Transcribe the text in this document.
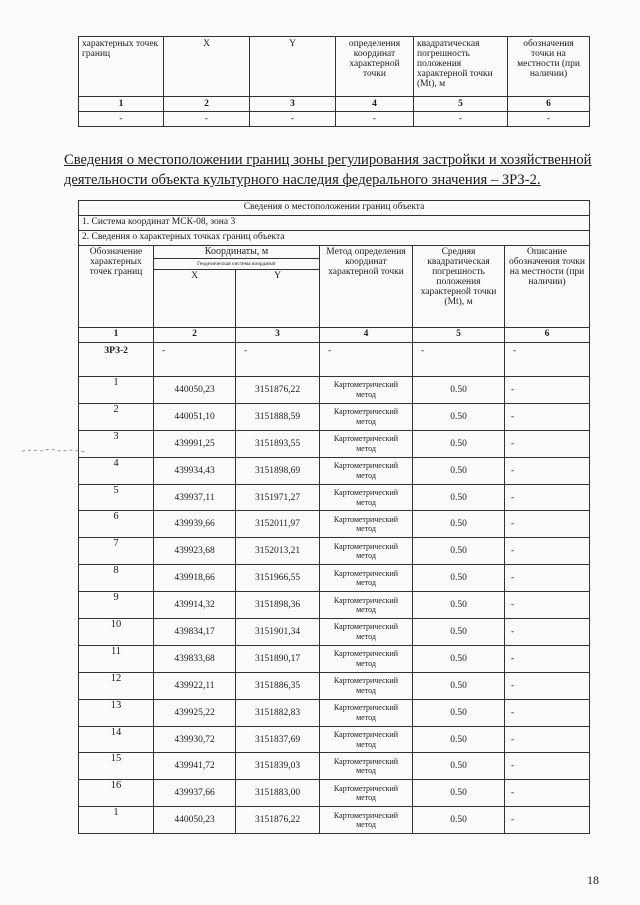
характерных точек границ	X	Y	определения координат характерной точки	квадратическая погрешность положения характерной точки (Mt), м	обозначения точки на местности (при наличии)
1	2	3	4	5	6
-	-	-	-	-	-
Сведения о местоположении границ зоны регулирования застройки и хозяйственной деятельности объекта культурного наследия федерального значения – ЗРЗ-2.
Сведения о местоположении границ объекта					
1. Система координат МСК-08, зона 3					
2. Сведения о характерных точках границ объекта					
Обозначение характерных точек границ	Координаты, м		Метод определения координат характерной точки	Средняя квадратическая погрешность положения характерной точки (Mt), м	Описание обозначения точки на местности (при наличии)
	Геодезическая система координат				
	X	Y			
1	2	3	4	5	6
ЗРЗ-2	-	-	-	-	-
1	440050,23	3151876,22	Картометрический метод	0.50	-
2	440051,10	3151888,59	Картометрический метод	0.50	-
3	439991,25	3151893,55	Картометрический метод	0.50	-
4	439934,43	3151898,69	Картометрический метод	0.50	-
5	439937,11	3151971,27	Картометрический метод	0.50	-
6	439939,66	3152011,97	Картометрический метод	0.50	-
7	439923,68	3152013,21	Картометрический метод	0.50	-
8	439918,66	3151966,55	Картометрический метод	0.50	-
9	439914,32	3151898,36	Картометрический метод	0.50	-
10	439834,17	3151901,34	Картометрический метод	0.50	-
11	439833,68	3151890,17	Картометрический метод	0.50	-
12	439922,11	3151886,35	Картометрический метод	0.50	-
13	439925,22	3151882,83	Картометрический метод	0.50	-
14	439930,72	3151837,69	Картометрический метод	0.50	-
15	439941,72	3151839,03	Картометрический метод	0.50	-
16	439937,66	3151883,00	Картометрический метод	0.50	-
1	440050,23	3151876,22	Картометрический метод	0.50	-
18
